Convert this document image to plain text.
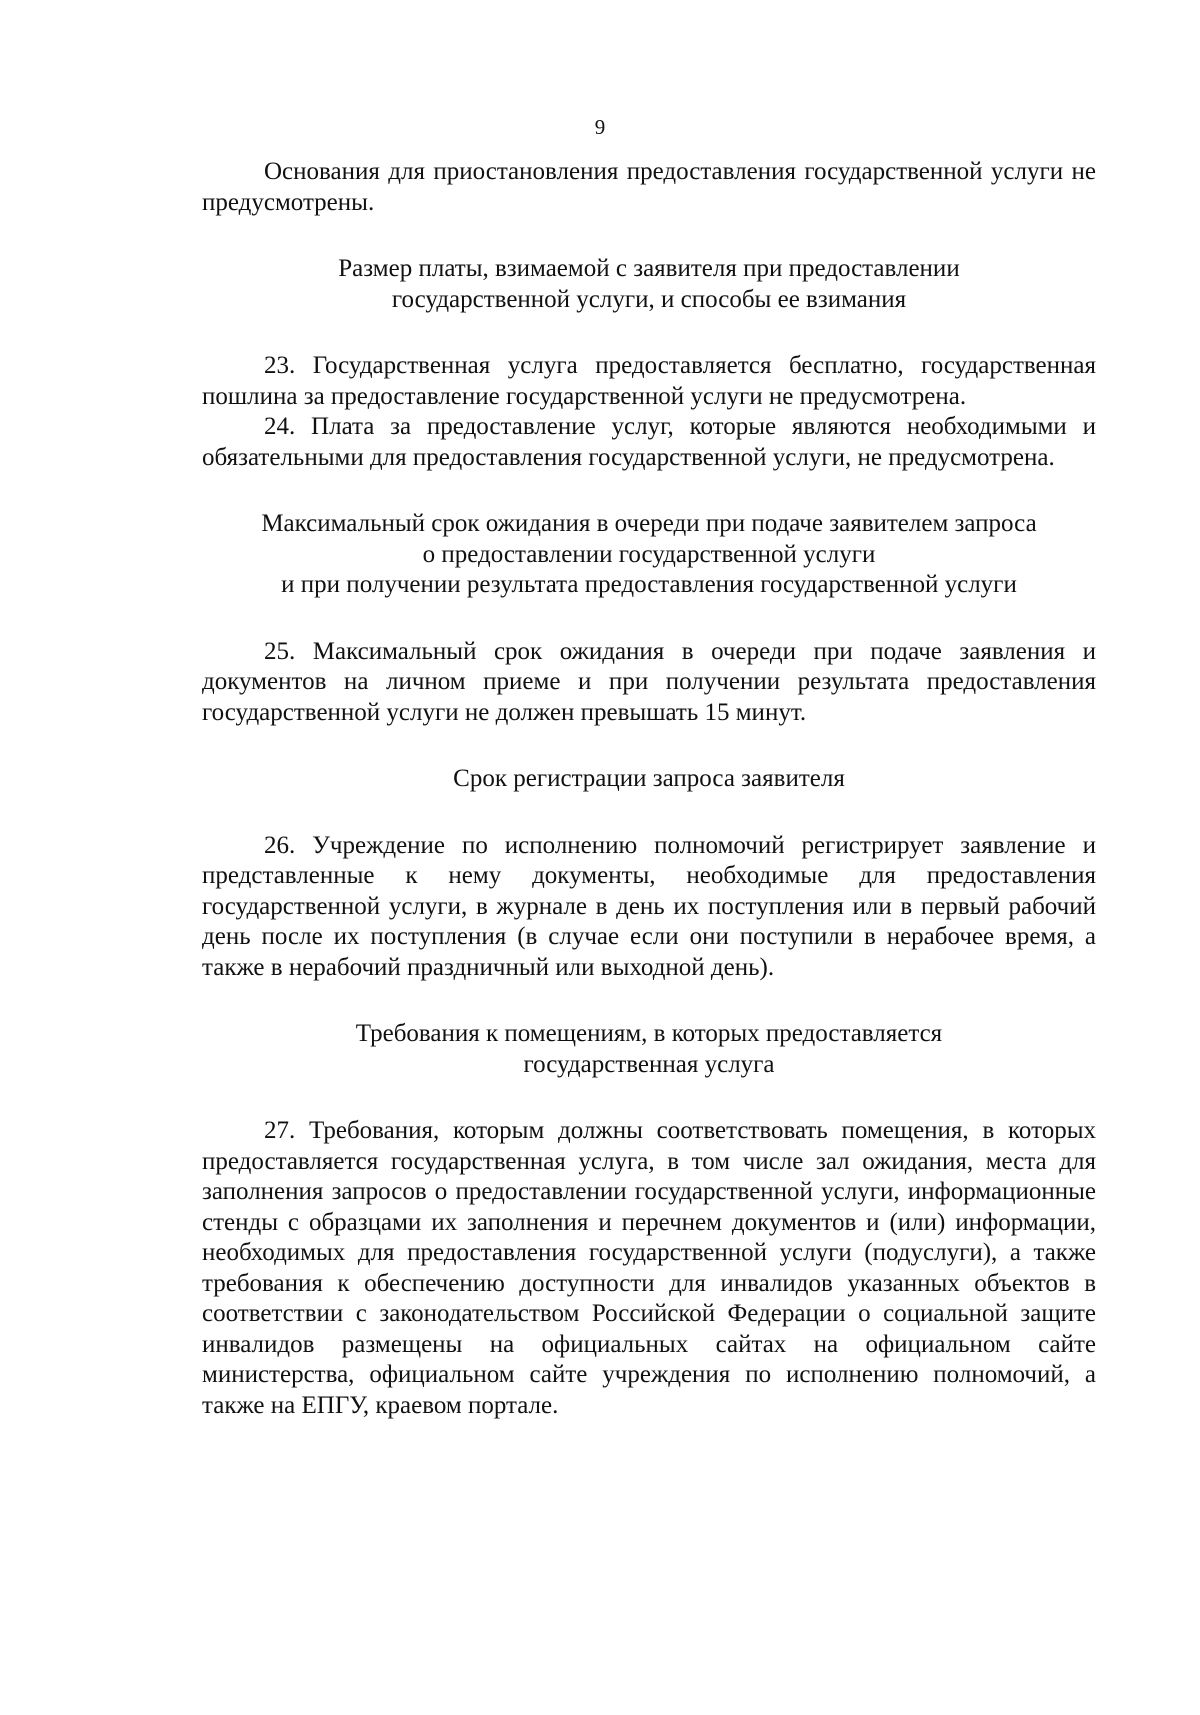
9

Основания для приостановления предоставления государственной услуги не предусмотрены.

Размер платы, взимаемой с заявителя при предоставлении
государственной услуги, и способы ее взимания

23. Государственная услуга предоставляется бесплатно, государственная пошлина за предоставление государственной услуги не предусмотрена.

24. Плата за предоставление услуг, которые являются необходимыми и обязательными для предоставления государственной услуги, не предусмотрена.

Максимальный срок ожидания в очереди при подаче заявителем запроса
о предоставлении государственной услуги
и при получении результата предоставления государственной услуги

25. Максимальный срок ожидания в очереди при подаче заявления и документов на личном приеме и при получении результата предоставления государственной услуги не должен превышать 15 минут.

Срок регистрации запроса заявителя

26. Учреждение по исполнению полномочий регистрирует заявление и представленные к нему документы, необходимые для предоставления государственной услуги, в журнале в день их поступления или в первый рабочий день после их поступления (в случае если они поступили в нерабочее время, а также в нерабочий праздничный или выходной день).

Требования к помещениям, в которых предоставляется
государственная услуга

27. Требования, которым должны соответствовать помещения, в которых предоставляется государственная услуга, в том числе зал ожидания, места для заполнения запросов о предоставлении государственной услуги, информационные стенды с образцами их заполнения и перечнем документов и (или) информации, необходимых для предоставления государственной услуги (подуслуги), а также требования к обеспечению доступности для инвалидов указанных объектов в соответствии с законодательством Российской Федерации о социальной защите инвалидов размещены на официальных сайтах на официальном сайте министерства, официальном сайте учреждения по исполнению полномочий, а также на ЕПГУ, краевом портале.
